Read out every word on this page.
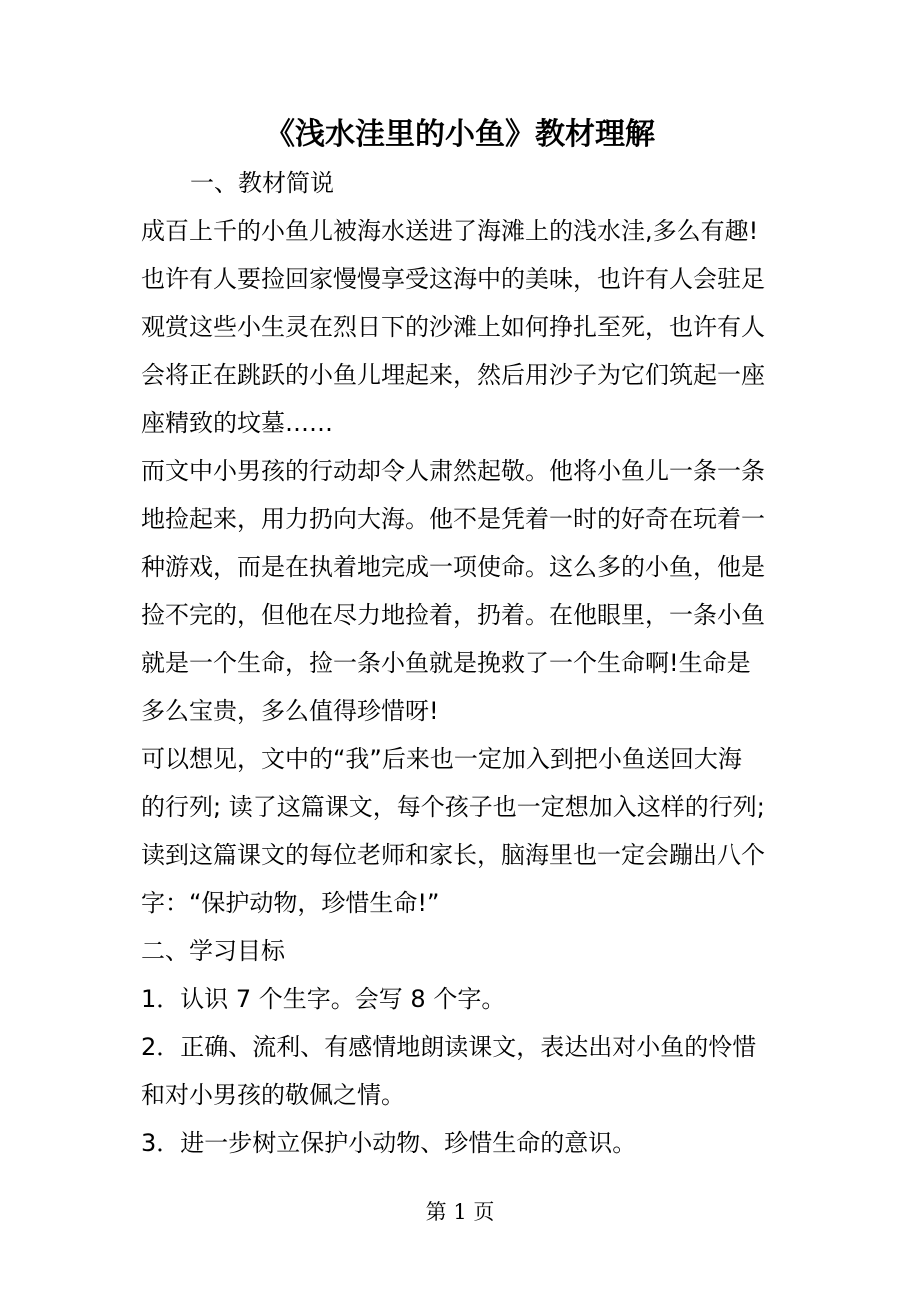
《浅水洼里的小鱼》教材理解
一、教材简说
成百上千的小鱼儿被海水送进了海滩上的浅水洼,多么有趣!
也许有人要捡回家慢慢享受这海中的美味，也许有人会驻足
观赏这些小生灵在烈日下的沙滩上如何挣扎至死，也许有人
会将正在跳跃的小鱼儿埋起来，然后用沙子为它们筑起一座
座精致的坟墓……
而文中小男孩的行动却令人肃然起敬。他将小鱼儿一条一条
地捡起来，用力扔向大海。他不是凭着一时的好奇在玩着一
种游戏，而是在执着地完成一项使命。这么多的小鱼，他是
捡不完的，但他在尽力地捡着，扔着。在他眼里，一条小鱼
就是一个生命，捡一条小鱼就是挽救了一个生命啊!生命是
多么宝贵，多么值得珍惜呀!
可以想见，文中的“我”后来也一定加入到把小鱼送回大海
的行列; 读了这篇课文，每个孩子也一定想加入这样的行列;
读到这篇课文的每位老师和家长，脑海里也一定会蹦出八个
字：“保护动物，珍惜生命!”
二、学习目标
1．认识 7 个生字。会写 8 个字。
2．正确、流利、有感情地朗读课文，表达出对小鱼的怜惜
和对小男孩的敬佩之情。
3．进一步树立保护小动物、珍惜生命的意识。
第 1 页
